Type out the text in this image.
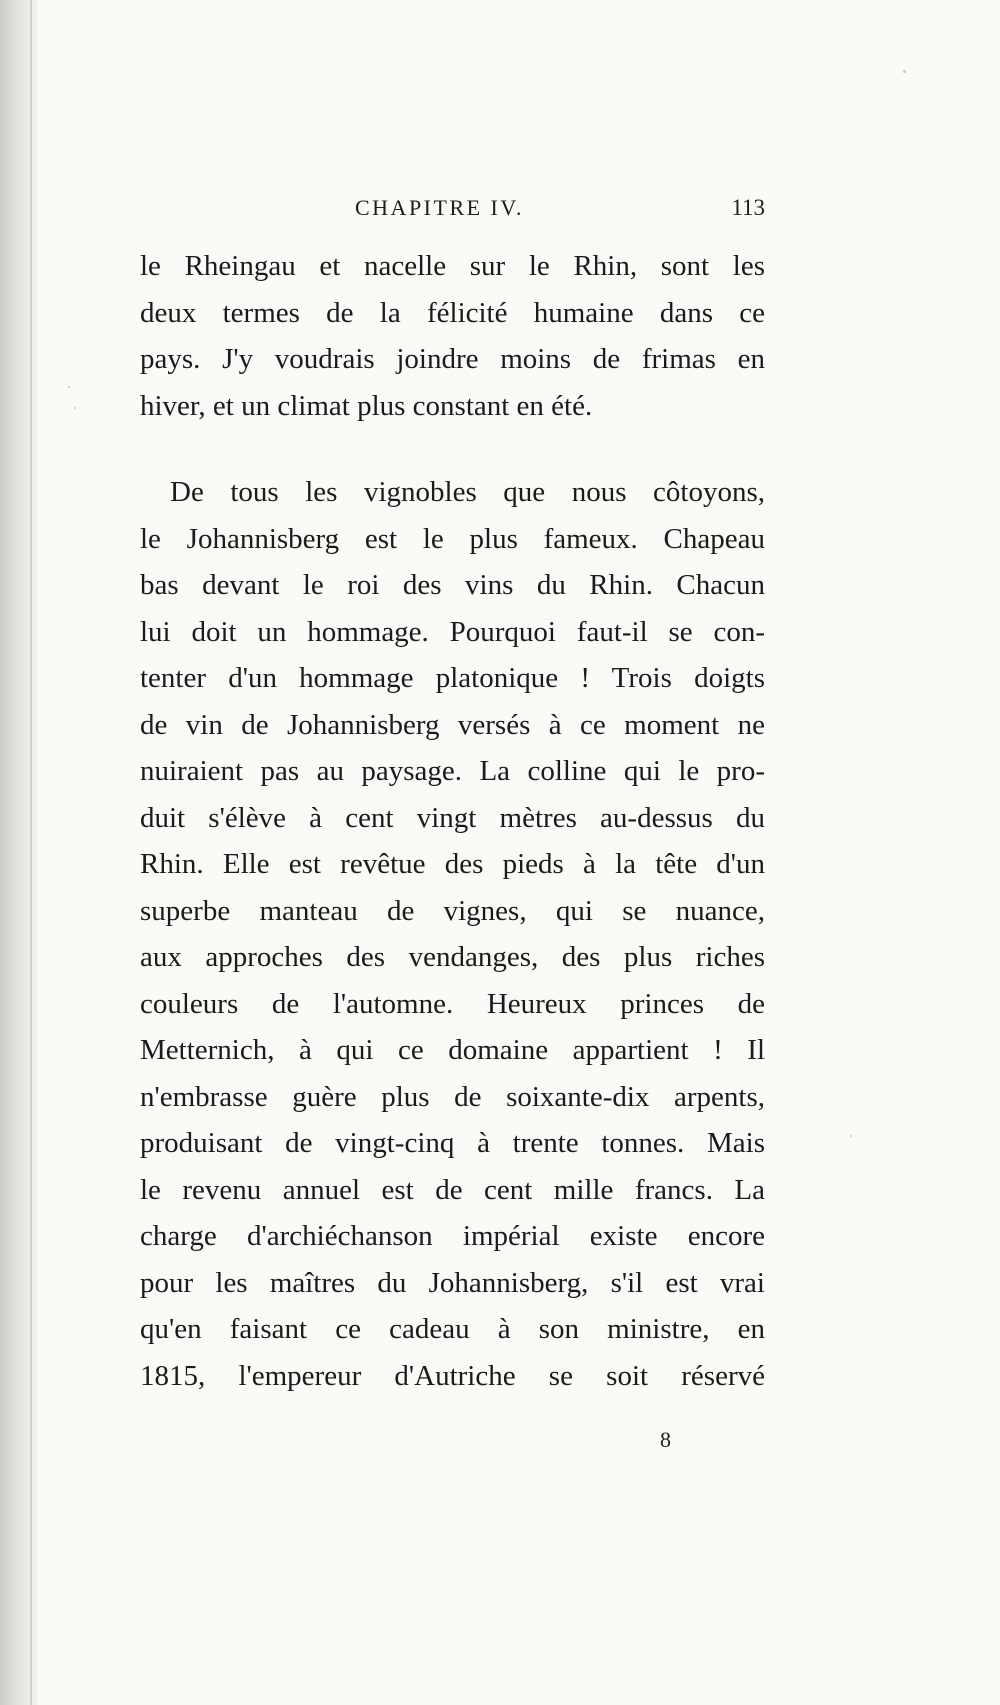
CHAPITRE IV.	113

le Rheingau et nacelle sur le Rhin, sont les
deux termes de la félicité humaine dans ce
pays. J'y voudrais joindre moins de frimas en
hiver, et un climat plus constant en été.

De tous les vignobles que nous côtoyons,
le Johannisberg est le plus fameux. Chapeau
bas devant le roi des vins du Rhin. Chacun
lui doit un hommage. Pourquoi faut-il se con-
tenter d'un hommage platonique ! Trois doigts
de vin de Johannisberg versés à ce moment ne
nuiraient pas au paysage. La colline qui le pro-
duit s'élève à cent vingt mètres au-dessus du
Rhin. Elle est revêtue des pieds à la tête d'un
superbe manteau de vignes, qui se nuance,
aux approches des vendanges, des plus riches
couleurs de l'automne. Heureux princes de
Metternich, à qui ce domaine appartient ! Il
n'embrasse guère plus de soixante-dix arpents,
produisant de vingt-cinq à trente tonnes. Mais
le revenu annuel est de cent mille francs. La
charge d'archiéchanson impérial existe encore
pour les maîtres du Johannisberg, s'il est vrai
qu'en faisant ce cadeau à son ministre, en
1815, l'empereur d'Autriche se soit réservé

8
